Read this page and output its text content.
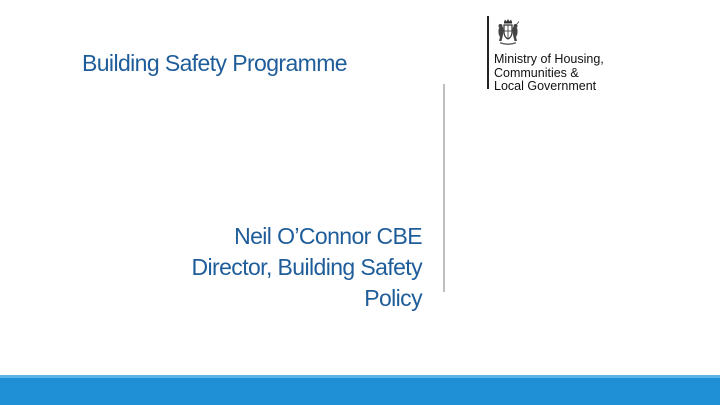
Building Safety Programme	Ministry of Housing,
Communities &
Local Government
Neil O’Connor CBE
Director, Building Safety
Policy
